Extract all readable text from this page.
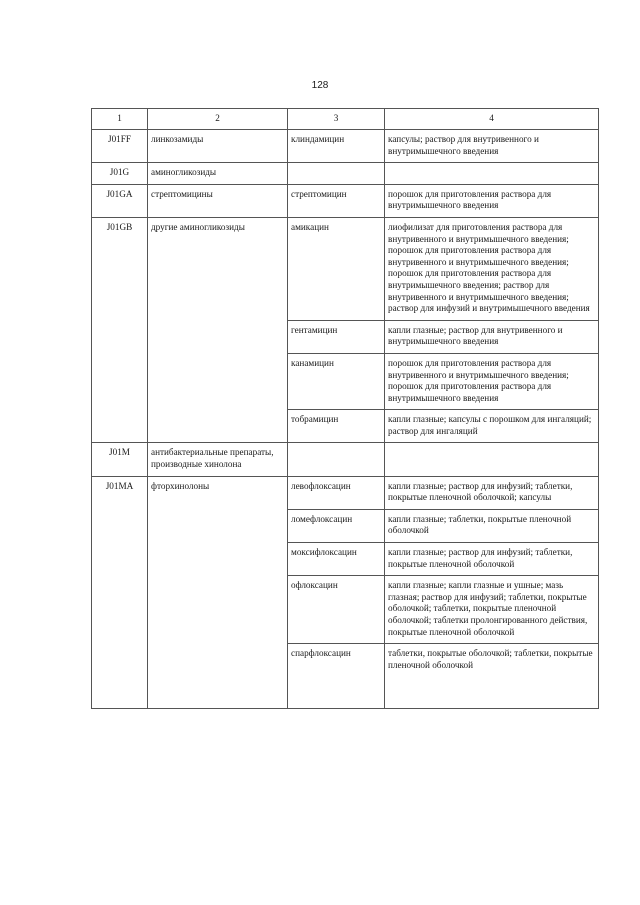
128
1	2	3	4
J01FF	линкозамиды	клиндамицин	капсулы; раствор для внутривенного и внутримышечного введения
J01G	аминогликозиды		
J01GA	стрептомицины	стрептомицин	порошок для приготовления раствора для внутримышечного введения
J01GB	другие аминогликозиды	амикацин	лиофилизат для приготовления раствора для внутривенного и внутримышечного введения; порошок для приготовления раствора для внутривенного и внутримышечного введения; порошок для приготовления раствора для внутримышечного введения; раствор для внутривенного и внутримышечного введения; раствор для инфузий и внутримышечного введения
		гентамицин	капли глазные; раствор для внутривенного и внутримышечного введения
		канамицин	порошок для приготовления раствора для внутривенного и внутримышечного введения; порошок для приготовления раствора для внутримышечного введения
		тобрамицин	капли глазные; капсулы с порошком для ингаляций; раствор для ингаляций
J01M	антибактериальные препараты, производные хинолона		
J01MA	фторхинолоны	левофлоксацин	капли глазные; раствор для инфузий; таблетки, покрытые пленочной оболочкой; капсулы
		ломефлоксацин	капли глазные; таблетки, покрытые пленочной оболочкой
		моксифлоксацин	капли глазные; раствор для инфузий; таблетки, покрытые пленочной оболочкой
		офлоксацин	капли глазные; капли глазные и ушные; мазь глазная; раствор для инфузий; таблетки, покрытые оболочкой; таблетки, покрытые пленочной оболочкой; таблетки пролонгированного действия, покрытые пленочной оболочкой
		спарфлоксацин	таблетки, покрытые оболочкой; таблетки, покрытые пленочной оболочкой
